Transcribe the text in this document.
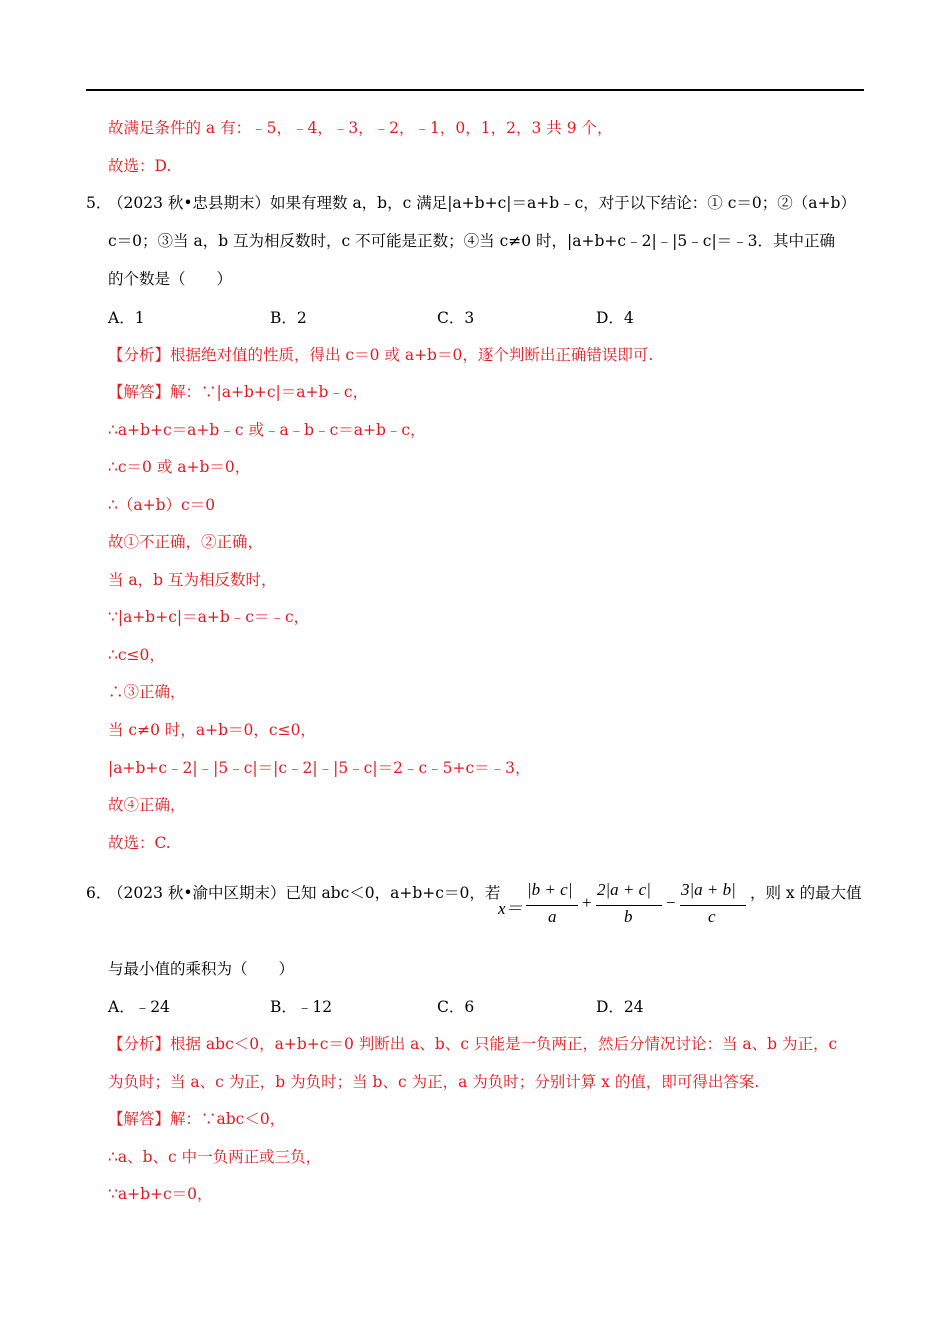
故满足条件的 a 有：﹣5，﹣4，﹣3，﹣2，﹣1，0，1，2，3 共 9 个，
故选：D.
5．
（2023 秋•忠县期末）如果有理数 a，b，c 满足|a+b+c|＝a+b﹣c，对于以下结论：① c＝0；②（a+b）
c＝0；③当 a，b 互为相反数时，c 不可能是正数；④当 c≠0 时，|a+b+c﹣2|﹣|5﹣c|＝﹣3．其中正确
的个数是（　　）
A．1	B．2	C．3	D．4
【分析】根据绝对值的性质，得出 c＝0 或 a+b＝0，逐个判断出正确错误即可.
【解答】解：∵|a+b+c|＝a+b﹣c，
∴a+b+c＝a+b﹣c 或﹣a﹣b﹣c＝a+b﹣c，
∴c＝0 或 a+b＝0，
∴（a+b）c＝0
故①不正确，②正确，
当 a，b 互为相反数时，
∵|a+b+c|＝a+b﹣c＝﹣c，
∴c≤0，
∴③正确，
当 c≠0 时，a+b＝0，c≤0，
|a+b+c﹣2|﹣|5﹣c|＝|c﹣2|﹣|5﹣c|＝2﹣c﹣5+c＝﹣3，
故④正确，
故选：C.
6．
（2023 秋•渝中区期末）已知 abc＜0，a+b+c＝0，若
x＝
|b + c|
a
+
2|a + c|
b
−
3|a + b|
c
，则 x 的最大值
与最小值的乘积为（　　）
A．﹣24	B．﹣12	C．6	D．24
【分析】根据 abc＜0，a+b+c＝0 判断出 a、b、c 只能是一负两正，然后分情况讨论：当 a、b 为正，c
为负时；当 a、c 为正，b 为负时；当 b、c 为正，a 为负时；分别计算 x 的值，即可得出答案.
【解答】解：∵abc＜0，
∴a、b、c 中一负两正或三负，
∵a+b+c＝0，
